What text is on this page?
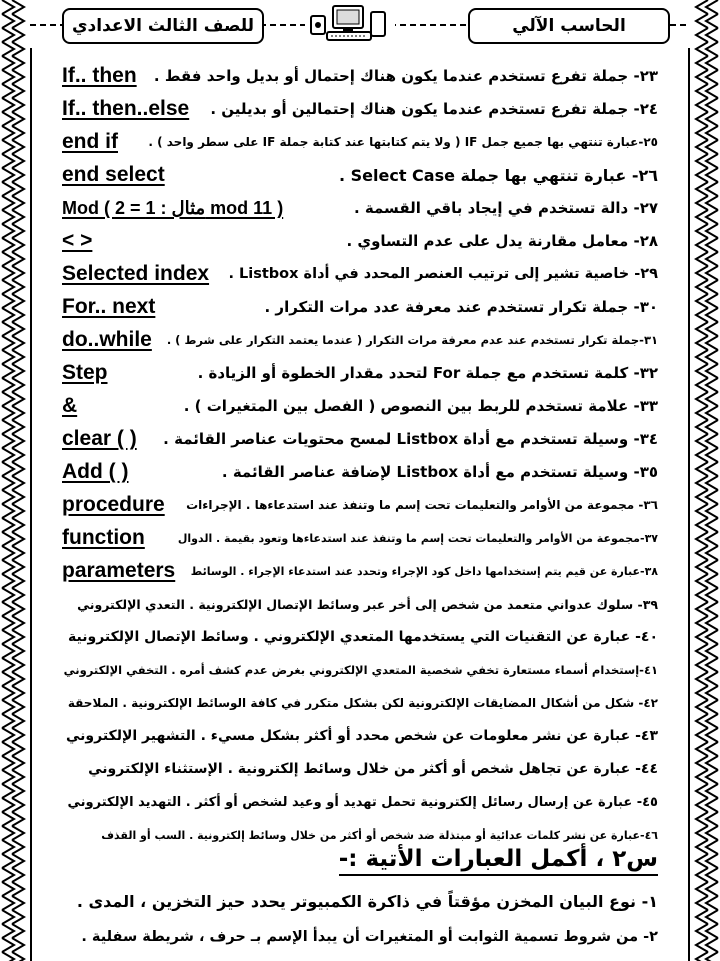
للصف الثالث الاعدادي	الحاسب الآلي
٢٣- جملة تفرع تستخدم عندما يكون هناك إحتمال أو بديل واحد فقط .
If.. then
٢٤- جملة تفرع تستخدم عندما يكون هناك إحتمالين أو بديلين .
If.. then..else
٢٥-عبارة تنتهي بها جميع جمل IF ( ولا يتم كتابتها عند كتابة جملة IF على سطر واحد ) .
end if
٢٦- عبارة تنتهي بها جملة Select Case .
end select
٢٧- دالة تستخدم في إيجاد باقي القسمة .
Mod ( مثال : 1 = 2 mod 11 )
٢٨- معامل مقارنة يدل على عدم التساوي .
< >
٢٩- خاصية تشير إلى ترتيب العنصر المحدد في أداة Listbox .
Selected index
٣٠- جملة تكرار تستخدم عند معرفة عدد مرات التكرار .
For.. next
٣١-جملة تكرار تستخدم عند عدم معرفة مرات التكرار ( عندما يعتمد التكرار على شرط ) .
do..while
٣٢- كلمة تستخدم مع جملة For لتحدد مقدار الخطوة أو الزيادة .
Step
٣٣- علامة تستخدم للربط بين النصوص ( الفصل بين المتغيرات ) .
&
٣٤- وسيلة تستخدم مع أداة Listbox لمسح محتويات عناصر القائمة .
clear ( )
٣٥- وسيلة تستخدم مع أداة Listbox لإضافة عناصر القائمة .
Add ( )
٣٦- مجموعة من الأوامر والتعليمات تحت إسم ما وتنفذ عند استدعاءها . الإجراءات
procedure
٣٧-مجموعة من الأوامر والتعليمات تحت إسم ما وتنفذ عند استدعاءها وتعود بقيمة . الدوال
function
٣٨-عبارة عن قيم يتم إستخدامها داخل كود الإجراء وتحدد عند استدعاء الإجراء . الوسائط
parameters
٣٩- سلوك عدواني متعمد من شخص إلى أخر عبر وسائط الإتصال الإلكترونية . التعدي الإلكتروني
٤٠- عبارة عن التقنيات التي يستخدمها المتعدي الإلكتروني . وسائط الإتصال الإلكترونية
٤١-إستخدام أسماء مستعارة تخفي شخصية المتعدي الإلكتروني بغرض عدم كشف أمره . التخفي الإلكتروني
٤٢- شكل من أشكال المضايقات الإلكترونية لكن بشكل متكرر في كافة الوسائط الإلكترونية . الملاحقة
٤٣- عبارة عن نشر معلومات عن شخص محدد أو أكثر بشكل مسيء . التشهير الإلكتروني
٤٤- عبارة عن تجاهل شخص أو أكثر من خلال وسائط إلكترونية . الإستثناء الإلكتروني
٤٥- عبارة عن إرسال رسائل إلكترونية تحمل تهديد أو وعيد لشخص أو أكثر . التهديد الإلكتروني
٤٦-عبارة عن نشر كلمات عدائية أو مبتذلة ضد شخص أو أكثر من خلال وسائط إلكترونية . السب أو القذف
س٢ ، أكمل العبارات الأتية :-
١- نوع البيان المخزن مؤقتاً في ذاكرة الكمبيوتر يحدد حيز التخزين ، المدى .
٢- من شروط تسمية الثوابت أو المتغيرات أن يبدأ الإسم بـ حرف ، شريطة سفلية .
